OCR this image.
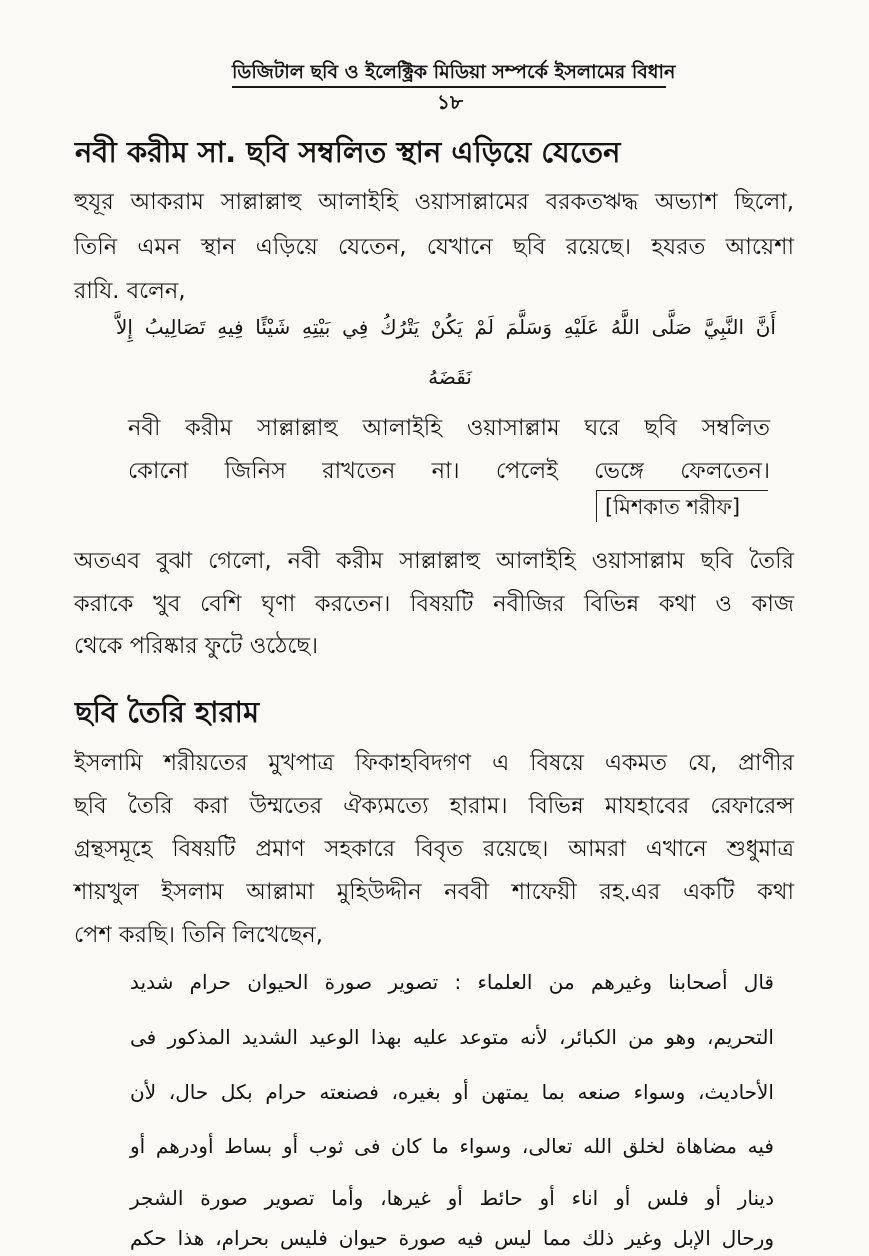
ডিজিটাল ছবি ও ইলেক্ট্রিক মিডিয়া সম্পর্কে ইসলামের বিধান
১৮
নবী করীম সা. ছবি সম্বলিত স্থান এড়িয়ে যেতেন
হুযূর আকরাম সাল্লাল্লাহু আলাইহি ওয়াসাল্লামের বরকতঋদ্ধ অভ্যাশ ছিলো,
তিনি এমন স্থান এড়িয়ে যেতেন, যেখানে ছবি রয়েছে। হযরত আয়েশা
রাযি. বলেন,
أَنَّ النَّبِيَّ صَلَّى اللَّهُ عَلَيْهِ وَسَلَّمَ لَمْ يَكُنْ يَتْرُكُ فِي بَيْتِهِ شَيْئًا فِيهِ تَصَالِيبُ إِلاَّ
نَقَضَهُ
নবী করীম সাল্লাল্লাহু আলাইহি ওয়াসাল্লাম ঘরে ছবি সম্বলিত
কোনো জিনিস রাখতেন না। পেলেই ভেঙ্গে ফেলতেন।
[মিশকাত শরীফ]
অতএব বুঝা গেলো, নবী করীম সাল্লাল্লাহু আলাইহি ওয়াসাল্লাম ছবি তৈরি
করাকে খুব বেশি ঘৃণা করতেন। বিষয়টি নবীজির বিভিন্ন কথা ও কাজ
থেকে পরিষ্কার ফুটে ওঠেছে।
ছবি তৈরি হারাম
ইসলামি শরীয়তের মুখপাত্র ফিকাহবিদগণ এ বিষয়ে একমত যে, প্রাণীর
ছবি তৈরি করা উম্মতের ঐক্যমত্যে হারাম। বিভিন্ন মাযহাবের রেফারেন্স
গ্রন্থসমূহে বিষয়টি প্রমাণ সহকারে বিবৃত রয়েছে। আমরা এখানে শুধুমাত্র
শায়খুল ইসলাম আল্লামা মুহিউদ্দীন নববী শাফেয়ী রহ.এর একটি কথা
পেশ করছি। তিনি লিখেছেন,
قال أصحابنا وغيرهم من العلماء : تصوير صورة الحيوان حرام شديد
التحريم، وهو من الكبائر، لأنه متوعد عليه بهذا الوعيد الشديد المذكور فى
الأحاديث، وسواء صنعه بما يمتهن أو بغيره، فصنعته حرام بكل حال، لأن
فيه مضاهاة لخلق الله تعالى، وسواء ما كان فى ثوب أو بساط أودرهم أو
دينار أو فلس أو اناء أو حائط أو غيرها، وأما تصوير صورة الشجر
ورحال الإبل وغير ذلك مما ليس فيه صورة حيوان فليس بحرام، هذا حكم
